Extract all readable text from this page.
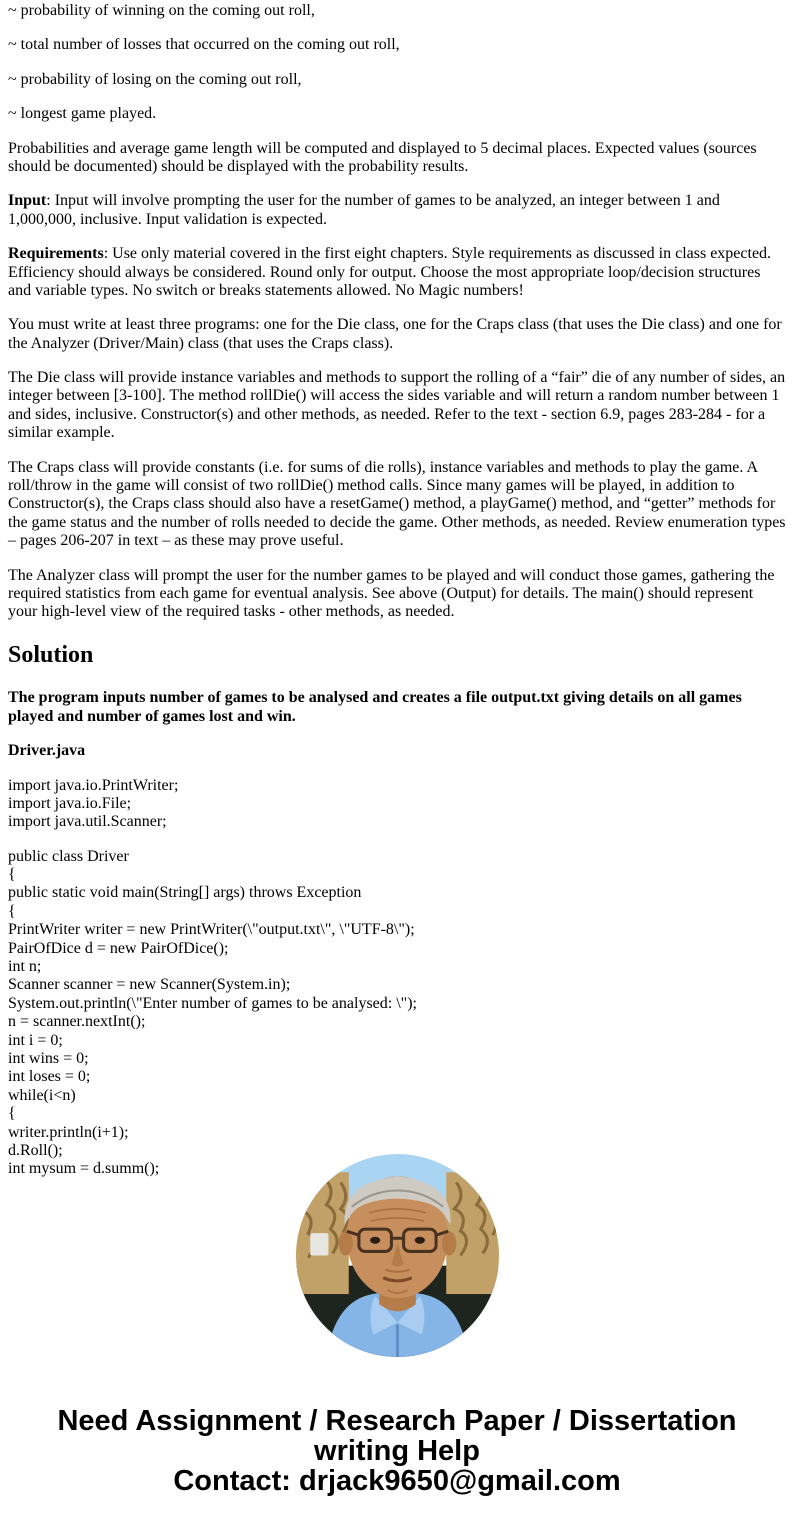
~ probability of winning on the coming out roll,

~ total number of losses that occurred on the coming out roll,

~ probability of losing on the coming out roll,

~ longest game played.

Probabilities and average game length will be computed and displayed to 5 decimal places. Expected values (sources should be documented) should be displayed with the probability results.

Input: Input will involve prompting the user for the number of games to be analyzed, an integer between 1 and 1,000,000, inclusive. Input validation is expected.

Requirements: Use only material covered in the first eight chapters. Style requirements as discussed in class expected. Efficiency should always be considered. Round only for output. Choose the most appropriate loop/decision structures and variable types. No switch or breaks statements allowed. No Magic numbers!

You must write at least three programs: one for the Die class, one for the Craps class (that uses the Die class) and one for the Analyzer (Driver/Main) class (that uses the Craps class).

The Die class will provide instance variables and methods to support the rolling of a “fair” die of any number of sides, an integer between [3-100]. The method rollDie() will access the sides variable and will return a random number between 1 and sides, inclusive. Constructor(s) and other methods, as needed. Refer to the text - section 6.9, pages 283-284 - for a similar example.

The Craps class will provide constants (i.e. for sums of die rolls), instance variables and methods to play the game. A roll/throw in the game will consist of two rollDie() method calls. Since many games will be played, in addition to Constructor(s), the Craps class should also have a resetGame() method, a playGame() method, and “getter” methods for the game status and the number of rolls needed to decide the game. Other methods, as needed. Review enumeration types – pages 206-207 in text – as these may prove useful.

The Analyzer class will prompt the user for the number games to be played and will conduct those games, gathering the required statistics from each game for eventual analysis. See above (Output) for details. The main() should represent your high-level view of the required tasks - other methods, as needed.

Solution

The program inputs number of games to be analysed and creates a file output.txt giving details on all games played and number of games lost and win.

Driver.java

import java.io.PrintWriter;
import java.io.File;
import java.util.Scanner;

public class Driver
{
public static void main(String[] args) throws Exception
{
PrintWriter writer = new PrintWriter(\"output.txt\", \"UTF-8\");
PairOfDice d = new PairOfDice();
int n;
Scanner scanner = new Scanner(System.in);
System.out.println(\"Enter number of games to be analysed: \");
n = scanner.nextInt();
int i = 0;
int wins = 0;
int loses = 0;
while(i<n)
{
writer.println(i+1);
d.Roll();
int mysum = d.summ();

Need Assignment / Research Paper / Dissertation writing Help
Contact: drjack9650@gmail.com
